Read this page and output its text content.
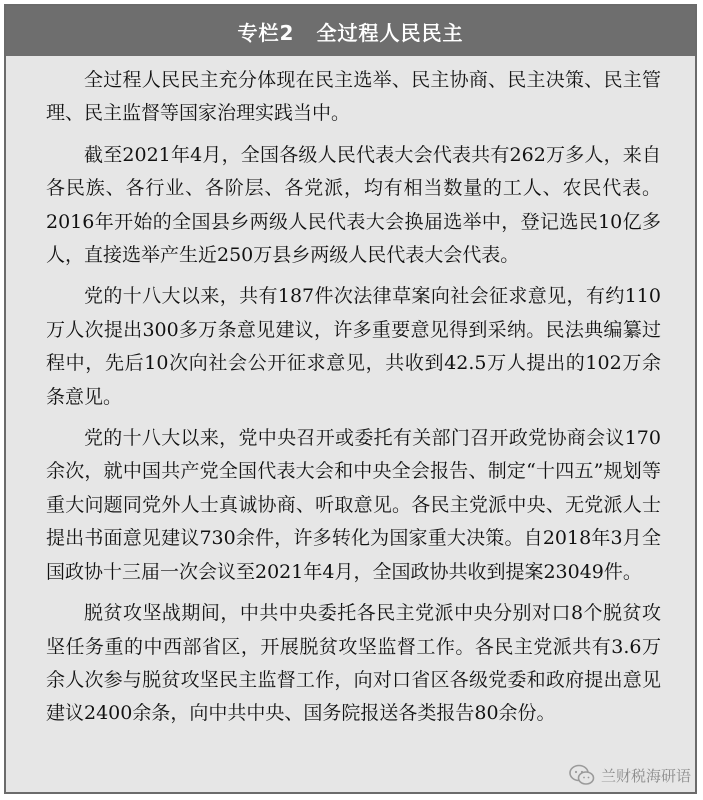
专栏2 全过程人民民主

全过程人民民主充分体现在民主选举、民主协商、民主决策、民主管理、民主监督等国家治理实践当中。

截至2021年4月，全国各级人民代表大会代表共有262万多人，来自各民族、各行业、各阶层、各党派，均有相当数量的工人、农民代表。2016年开始的全国县乡两级人民代表大会换届选举中，登记选民10亿多人，直接选举产生近250万县乡两级人民代表大会代表。

党的十八大以来，共有187件次法律草案向社会征求意见，有约110万人次提出300多万条意见建议，许多重要意见得到采纳。民法典编纂过程中，先后10次向社会公开征求意见，共收到42.5万人提出的102万余条意见。

党的十八大以来，党中央召开或委托有关部门召开政党协商会议170余次，就中国共产党全国代表大会和中央全会报告、制定“十四五”规划等重大问题同党外人士真诚协商、听取意见。各民主党派中央、无党派人士提出书面意见建议730余件，许多转化为国家重大决策。自2018年3月全国政协十三届一次会议至2021年4月，全国政协共收到提案23049件。

脱贫攻坚战期间，中共中央委托各民主党派中央分别对口8个脱贫攻坚任务重的中西部省区，开展脱贫攻坚监督工作。各民主党派共有3.6万余人次参与脱贫攻坚民主监督工作，向对口省区各级党委和政府提出意见建议2400余条，向中共中央、国务院报送各类报告80余份。

兰财税海研语
